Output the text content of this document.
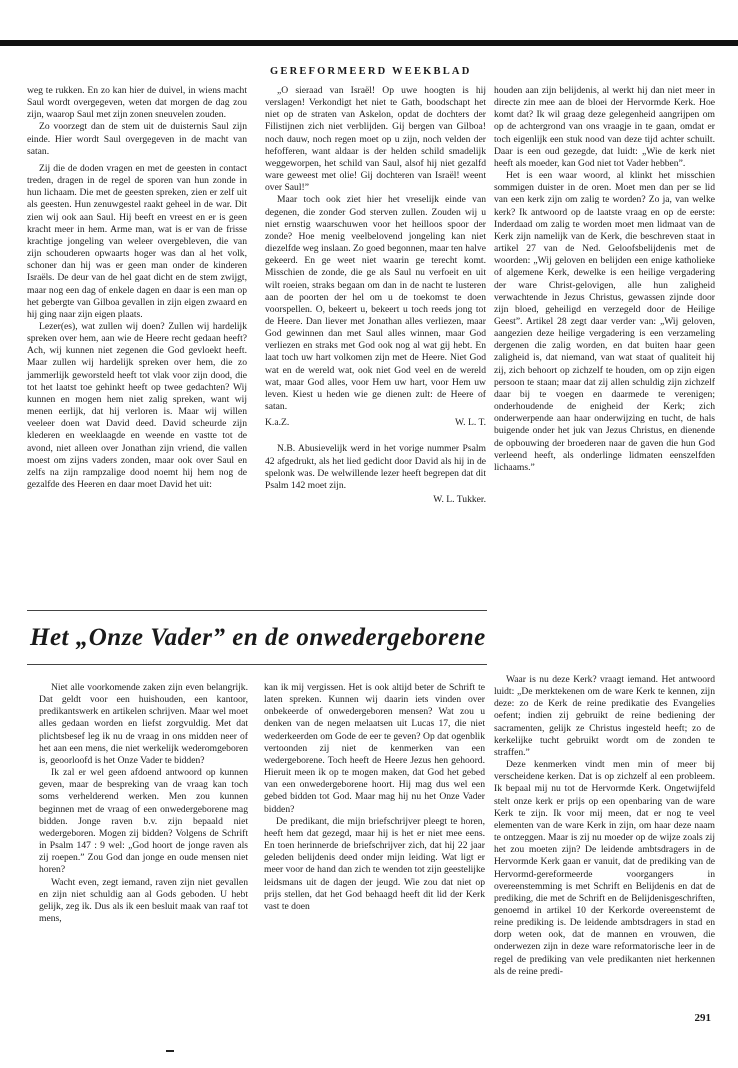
GEREFORMEERD WEEKBLAD

weg te rukken. En zo kan hier de duivel, in wiens macht Saul wordt overgegeven, weten dat morgen de dag zou zijn, waarop Saul met zijn zonen sneuvelen zouden.

Zo voorzegt dan de stem uit de duisternis Saul zijn einde. Hier wordt Saul overgegeven in de macht van satan.

Zij die de doden vragen en met de geesten in contact treden, dragen in de regel de sporen van hun zonde in hun lichaam. Die met de geesten spreken, zien er zelf uit als geesten. Hun zenuwgestel raakt geheel in de war. Dit zien wij ook aan Saul. Hij beeft en vreest en er is geen kracht meer in hem. Arme man, wat is er van de frisse krachtige jongeling van weleer overgebleven, die van zijn schouderen opwaarts hoger was dan al het volk, schoner dan hij was er geen man onder de kinderen Israëls. De deur van de hel gaat dicht en de stem zwijgt, maar nog een dag of enkele dagen en daar is een man op het gebergte van Gilboa gevallen in zijn eigen zwaard en hij ging naar zijn eigen plaats.

Lezer(es), wat zullen wij doen? Zullen wij hardelijk spreken over hem, aan wie de Heere recht gedaan heeft? Ach, wij kunnen niet zegenen die God gevloekt heeft. Maar zullen wij hardelijk spreken over hem, die zo jammerlijk geworsteld heeft tot vlak voor zijn dood, die tot het laatst toe gehinkt heeft op twee gedachten? Wij kunnen en mogen hem niet zalig spreken, want wij menen eerlijk, dat hij verloren is. Maar wij willen veeleer doen wat David deed. David scheurde zijn klederen en weeklaagde en weende en vastte tot de avond, niet alleen over Jonathan zijn vriend, die vallen moest om zijns vaders zonden, maar ook over Saul en zelfs na zijn rampzalige dood noemt hij hem nog de gezalfde des Heeren en daar moet David het uit:

„O sieraad van Israël! Op uwe hoogten is hij verslagen! Verkondigt het niet te Gath, boodschapt het niet op de straten van Askelon, opdat de dochters der Filistijnen zich niet verblijden. Gij bergen van Gilboa! noch dauw, noch regen moet op u zijn, noch velden der hefofferen, want aldaar is der helden schild smadelijk weggeworpen, het schild van Saul, alsof hij niet gezalfd ware geweest met olie! Gij dochteren van Israël! weent over Saul!”

Maar toch ook ziet hier het vreselijk einde van degenen, die zonder God sterven zullen. Zouden wij u niet ernstig waarschuwen voor het heilloos spoor der zonde? Hoe menig veelbelovend jongeling kan niet diezelfde weg inslaan. Zo goed begonnen, maar ten halve gekeerd. En ge weet niet waarin ge terecht komt. Misschien de zonde, die ge als Saul nu verfoeit en uit wilt roeien, straks begaan om dan in de nacht te lusteren aan de poorten der hel om u de toekomst te doen voorspellen. O, bekeert u, bekeert u toch reeds jong tot de Heere. Dan liever met Jonathan alles verliezen, maar God gewinnen dan met Saul alles winnen, maar God verliezen en straks met God ook nog al wat gij hebt. En laat toch uw hart volkomen zijn met de Heere. Niet God wat en de wereld wat, ook niet God veel en de wereld wat, maar God alles, voor Hem uw hart, voor Hem uw leven. Kiest u heden wie ge dienen zult: de Heere of satan.

K.a.Z.	W. L. T.

N.B. Abusievelijk werd in het vorige nummer Psalm 42 afgedrukt, als het lied gedicht door David als hij in de spelonk was. De welwillende lezer heeft begrepen dat dit Psalm 142 moet zijn.

W. L. Tukker.

houden aan zijn belijdenis, al werkt hij dan niet meer in directe zin mee aan de bloei der Hervormde Kerk. Hoe komt dat? Ik wil graag deze gelegenheid aangrijpen om op de achtergrond van ons vraagje in te gaan, omdat er toch eigenlijk een stuk nood van deze tijd achter schuilt. Daar is een oud gezegde, dat luidt: „Wie de kerk niet heeft als moeder, kan God niet tot Vader hebben”.

Het is een waar woord, al klinkt het misschien sommigen duister in de oren. Moet men dan per se lid van een kerk zijn om zalig te worden? Zo ja, van welke kerk? Ik antwoord op de laatste vraag en op de eerste: Inderdaad om zalig te worden moet men lidmaat van de Kerk zijn namelijk van de Kerk, die beschreven staat in artikel 27 van de Ned. Geloofsbelijdenis met de woorden: „Wij geloven en belijden een enige katholieke of algemene Kerk, dewelke is een heilige vergadering der ware Christ-gelovigen, alle hun zaligheid verwachtende in Jezus Christus, gewassen zijnde door zijn bloed, geheiligd en verzegeld door de Heilige Geest”. Artikel 28 zegt daar verder van: „Wij geloven, aangezien deze heilige vergadering is een verzameling dergenen die zalig worden, en dat buiten haar geen zaligheid is, dat niemand, van wat staat of qualiteit hij zij, zich behoort op zichzelf te houden, om op zijn eigen persoon te staan; maar dat zij allen schuldig zijn zichzelf daar bij te voegen en daarmede te verenigen; onderhoudende de enigheid der Kerk; zich onderwerpende aan haar onderwijzing en tucht, de hals buigende onder het juk van Jezus Christus, en dienende de opbouwing der broederen naar de gaven die hun God verleend heeft, als onderlinge lidmaten eenszelfden lichaams.”

Het „Onze Vader” en de onwedergeborene

Niet alle voorkomende zaken zijn even belangrijk. Dat geldt voor een huishouden, een kantoor, predikantswerk en artikelen schrijven. Maar wel moet alles gedaan worden en liefst zorgvuldig. Met dat plichtsbesef leg ik nu de vraag in ons midden neer of het aan een mens, die niet werkelijk wederomgeboren is, geoorloofd is het Onze Vader te bidden?

Ik zal er wel geen afdoend antwoord op kunnen geven, maar de bespreking van de vraag kan toch soms verhelderend werken. Men zou kunnen beginnen met de vraag of een onwedergeborene mag bidden. Jonge raven b.v. zijn bepaald niet wedergeboren. Mogen zij bidden? Volgens de Schrift in Psalm 147 : 9 wel: „God hoort de jonge raven als zij roepen.” Zou God dan jonge en oude mensen niet horen?

Wacht even, zegt iemand, raven zijn niet gevallen en zijn niet schuldig aan al Gods geboden. U hebt gelijk, zeg ik. Dus als ik een besluit maak van raaf tot mens,

kan ik mij vergissen. Het is ook altijd beter de Schrift te laten spreken. Kunnen wij daarin iets vinden over onbekeerde of onwedergeboren mensen? Wat zou u denken van de negen melaatsen uit Lucas 17, die niet wederkeerden om Gode de eer te geven? Op dat ogenblik vertoonden zij niet de kenmerken van een wedergeborene. Toch heeft de Heere Jezus hen gehoord. Hieruit meen ik op te mogen maken, dat God het gebed van een onwedergeborene hoort. Hij mag dus wel een gebed bidden tot God. Maar mag hij nu het Onze Vader bidden?

De predikant, die mijn briefschrijver pleegt te horen, heeft hem dat gezegd, maar hij is het er niet mee eens. En toen herinnerde de briefschrijver zich, dat hij 22 jaar geleden belijdenis deed onder mijn leiding. Wat ligt er meer voor de hand dan zich te wenden tot zijn geestelijke leidsmans uit de dagen der jeugd. Wie zou dat niet op prijs stellen, dat het God behaagd heeft dit lid der Kerk vast te doen

Waar is nu deze Kerk? vraagt iemand. Het antwoord luidt: „De merktekenen om de ware Kerk te kennen, zijn deze: zo de Kerk de reine predikatie des Evangelies oefent; indien zij gebruikt de reine bediening der sacramenten, gelijk ze Christus ingesteld heeft; zo de kerkelijke tucht gebruikt wordt om de zonden te straffen.”

Deze kenmerken vindt men min of meer bij verscheidene kerken. Dat is op zichzelf al een probleem. Ik bepaal mij nu tot de Hervormde Kerk. Ongetwijfeld stelt onze kerk er prijs op een openbaring van de ware Kerk te zijn. Ik voor mij meen, dat er nog te veel elementen van de ware Kerk in zijn, om haar deze naam te ontzeggen. Maar is zij nu moeder op de wijze zoals zij het zou moeten zijn? De leidende ambtsdragers in de Hervormde Kerk gaan er vanuit, dat de prediking van de Hervormd-gereformeerde voorgangers in overeenstemming is met Schrift en Belijdenis en dat de prediking, die met de Schrift en de Belijdenisgeschriften, genoemd in artikel 10 der Kerkorde overeenstemt de reine prediking is. De leidende ambtsdragers in stad en dorp weten ook, dat de mannen en vrouwen, die onderwezen zijn in deze ware reformatorische leer in de regel de prediking van vele predikanten niet herkennen als de reine predi-

291
